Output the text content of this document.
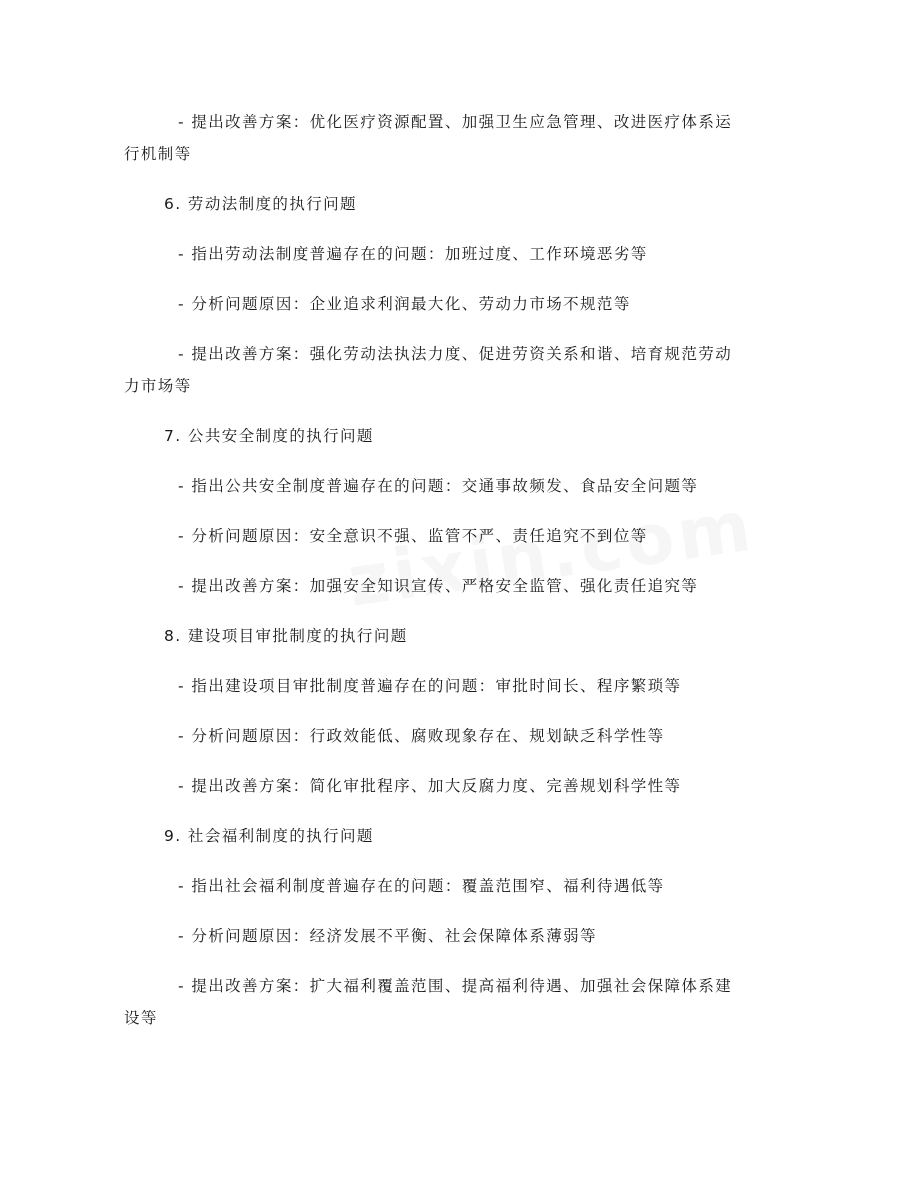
- 提出改善方案：优化医疗资源配置、加强卫生应急管理、改进医疗体系运

行机制等

6. 劳动法制度的执行问题

- 指出劳动法制度普遍存在的问题：加班过度、工作环境恶劣等

- 分析问题原因：企业追求利润最大化、劳动力市场不规范等

- 提出改善方案：强化劳动法执法力度、促进劳资关系和谐、培育规范劳动

力市场等

7. 公共安全制度的执行问题

- 指出公共安全制度普遍存在的问题：交通事故频发、食品安全问题等

- 分析问题原因：安全意识不强、监管不严、责任追究不到位等

- 提出改善方案：加强安全知识宣传、严格安全监管、强化责任追究等

8. 建设项目审批制度的执行问题

- 指出建设项目审批制度普遍存在的问题：审批时间长、程序繁琐等

- 分析问题原因：行政效能低、腐败现象存在、规划缺乏科学性等

- 提出改善方案：简化审批程序、加大反腐力度、完善规划科学性等

9. 社会福利制度的执行问题

- 指出社会福利制度普遍存在的问题：覆盖范围窄、福利待遇低等

- 分析问题原因：经济发展不平衡、社会保障体系薄弱等

- 提出改善方案：扩大福利覆盖范围、提高福利待遇、加强社会保障体系建

设等
